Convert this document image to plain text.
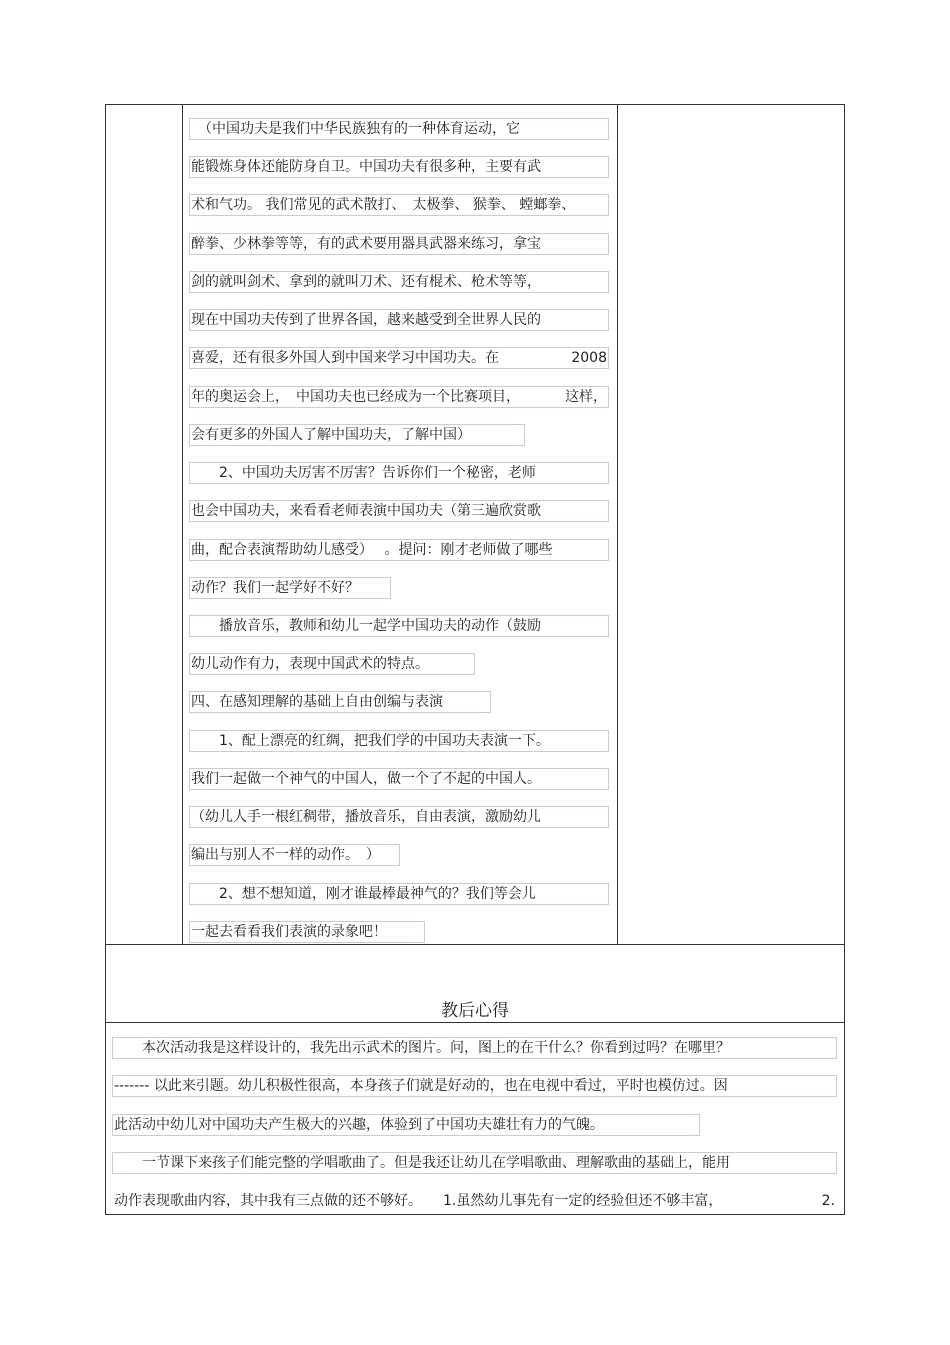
　（中国功夫是我们中华民族独有的一种体育运动，它
能锻炼身体还能防身自卫。中国功夫有很多种，主要有武
术和气功。 我们常见的武术散打、　太极拳、 猴拳、 螳螂拳、
醉拳、少林拳等等，有的武术要用器具武器来练习，拿宝
剑的就叫剑术、拿到的就叫刀术、还有棍术、枪术等等，
现在中国功夫传到了世界各国，越来越受到全世界人民的
喜爱，还有很多外国人到中国来学习中国功夫。在	2008
年的奥运会上，　中国功夫也已经成为一个比赛项目，	这样，
会有更多的外国人了解中国功夫，了解中国）
　　2、中国功夫厉害不厉害？告诉你们一个秘密，老师
也会中国功夫，来看看老师表演中国功夫（第三遍欣赏歌
曲，配合表演帮助幼儿感受）　 。提问：刚才老师做了哪些
动作？我们一起学好不好？
　　播放音乐，教师和幼儿一起学中国功夫的动作（鼓励
幼儿动作有力，表现中国武术的特点。
四、在感知理解的基础上自由创编与表演
　　1、配上漂亮的红绸，把我们学的中国功夫表演一下。
我们一起做一个神气的中国人，做一个了不起的中国人。
（幼儿人手一根红稠带，播放音乐，自由表演，激励幼儿
编出与别人不一样的动作。　）
　　2、想不想知道，刚才谁最棒最神气的？我们等会儿
一起去看看我们表演的录象吧！
教后心得
　　本次活动我是这样设计的，我先出示武术的图片。问，图上的在干什么？你看到过吗？在哪里？
------- 以此来引题。幼儿积极性很高，本身孩子们就是好动的，也在电视中看过，平时也模仿过。因
此活动中幼儿对中国功夫产生极大的兴趣，体验到了中国功夫雄壮有力的气魄。
　　一节课下来孩子们能完整的学唱歌曲了。但是我还让幼儿在学唱歌曲、理解歌曲的基础上，能用
动作表现歌曲内容，其中我有三点做的还不够好。　　1.虽然幼儿事先有一定的经验但还不够丰富，	2.
